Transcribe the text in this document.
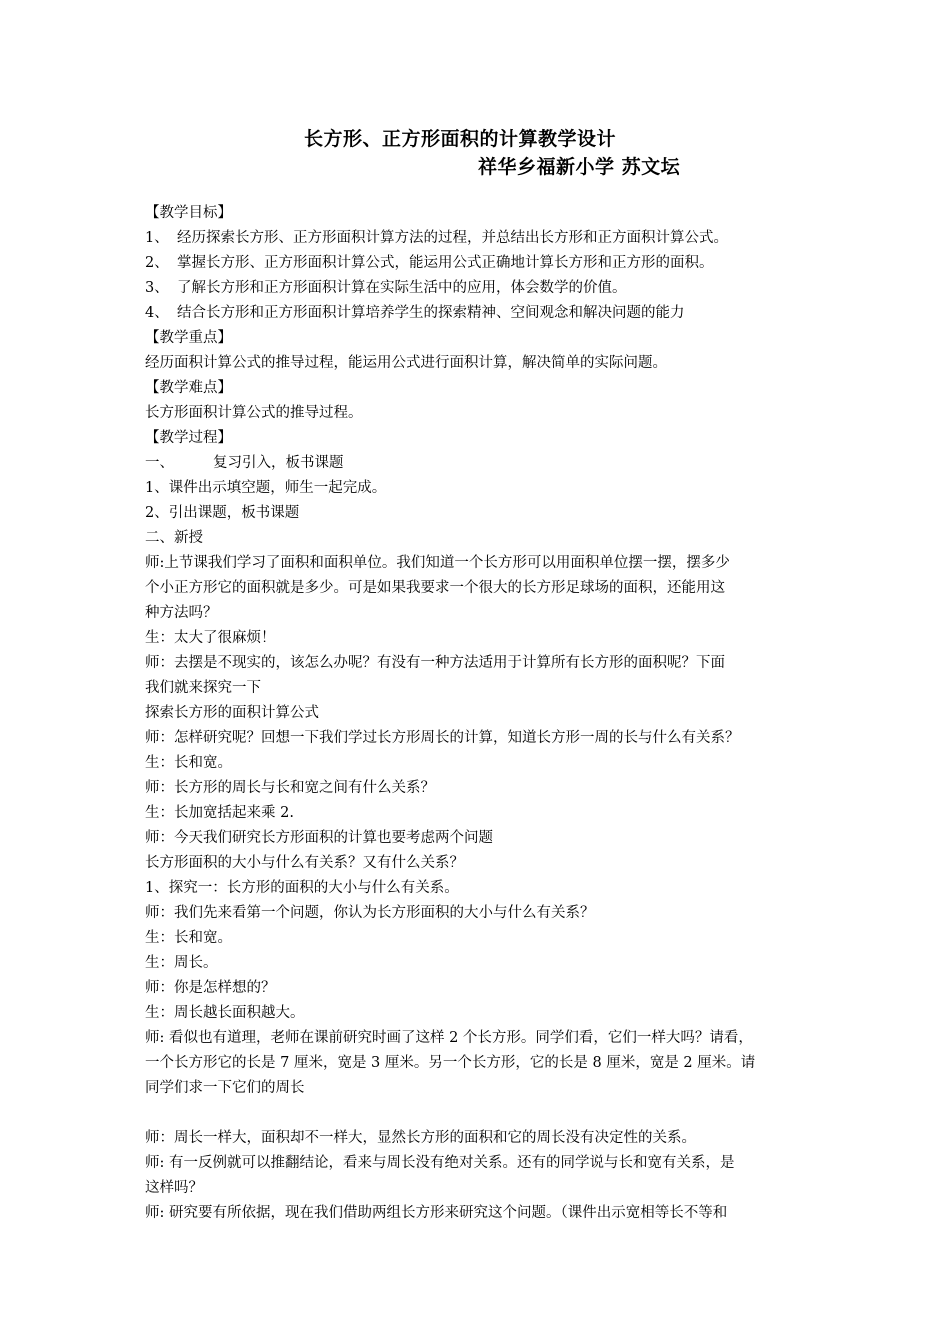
长方形、正方形面积的计算教学设计
祥华乡福新小学 苏文坛
【教学目标】
1、 经历探索长方形、正方形面积计算方法的过程，并总结出长方形和正方面积计算公式。
2、 掌握长方形、正方形面积计算公式，能运用公式正确地计算长方形和正方形的面积。
3、 了解长方形和正方形面积计算在实际生活中的应用，体会数学的价值。
4、 结合长方形和正方形面积计算培养学生的探索精神、空间观念和解决问题的能力
【教学重点】
经历面积计算公式的推导过程，能运用公式进行面积计算，解决简单的实际问题。
【教学难点】
长方形面积计算公式的推导过程。
【教学过程】
一、	复习引入，板书课题
1、课件出示填空题，师生一起完成。
2、引出课题，板书课题
二、新授
师:上节课我们学习了面积和面积单位。我们知道一个长方形可以用面积单位摆一摆，摆多少
个小正方形它的面积就是多少。可是如果我要求一个很大的长方形足球场的面积，还能用这
种方法吗？
生：太大了很麻烦！
师：去摆是不现实的，该怎么办呢？有没有一种方法适用于计算所有长方形的面积呢？下面
我们就来探究一下
探索长方形的面积计算公式
师：怎样研究呢？回想一下我们学过长方形周长的计算，知道长方形一周的长与什么有关系？
生：长和宽。
师：长方形的周长与长和宽之间有什么关系？
生：长加宽括起来乘 2.
师：今天我们研究长方形面积的计算也要考虑两个问题
长方形面积的大小与什么有关系？又有什么关系？
1、探究一：长方形的面积的大小与什么有关系。
师：我们先来看第一个问题，你认为长方形面积的大小与什么有关系？
生：长和宽。
生：周长。
师：你是怎样想的？
生：周长越长面积越大。
师: 看似也有道理，老师在课前研究时画了这样 2 个长方形。同学们看，它们一样大吗？请看，
一个长方形它的长是 7 厘米，宽是 3 厘米。另一个长方形，它的长是 8 厘米，宽是 2 厘米。请
同学们求一下它们的周长
师：周长一样大，面积却不一样大，显然长方形的面积和它的周长没有决定性的关系。
师: 有一反例就可以推翻结论，看来与周长没有绝对关系。还有的同学说与长和宽有关系，是
这样吗？
师: 研究要有所依据，现在我们借助两组长方形来研究这个问题。（课件出示宽相等长不等和
